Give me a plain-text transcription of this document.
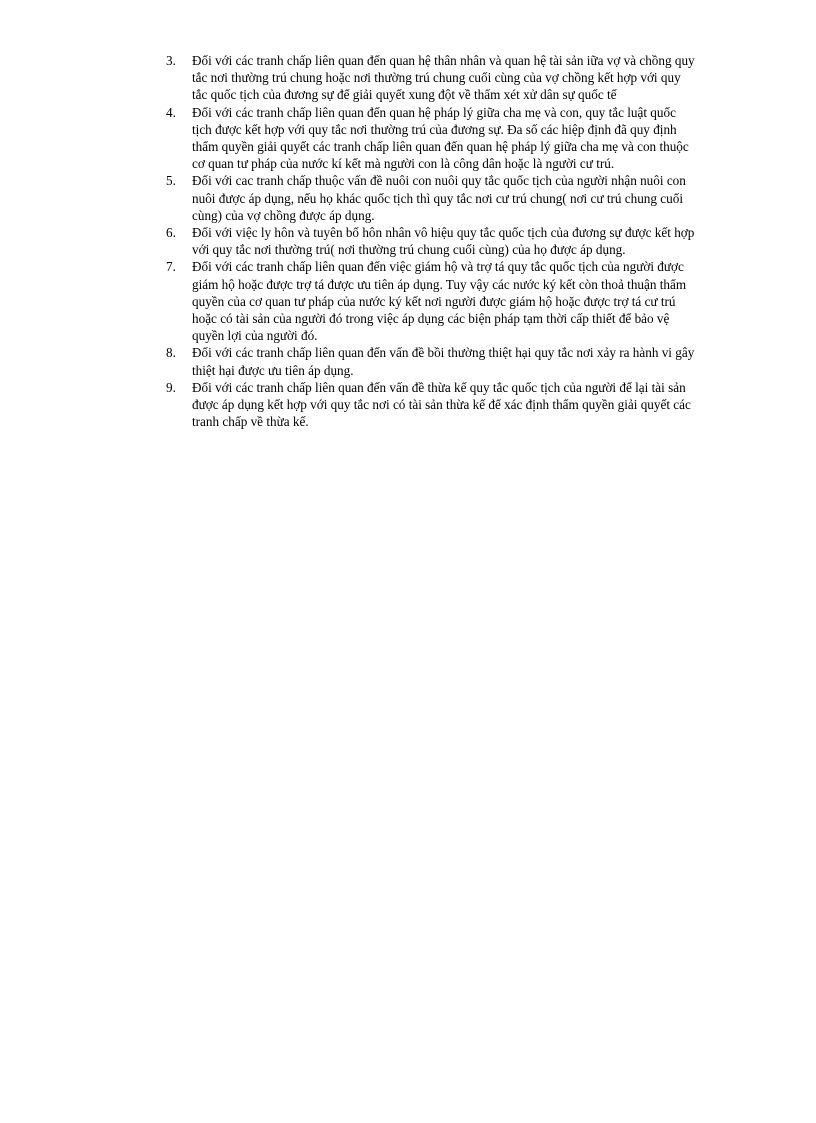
3.	Đối với các tranh chấp liên quan đến quan hệ thân nhân và quan hệ tài sản iữa vợ và chồng quy tắc nơi thường trú chung hoặc nơi thường trú chung cuối cùng của vợ chồng kết hợp với quy tắc quốc tịch của đương sự để giải quyết xung đột về thẩm xét xử dân sự quốc tế
4.	Đối với các tranh chấp liên quan đến quan hệ pháp lý giữa cha mẹ và con, quy tắc luật quốc tịch được kết hợp với quy tắc nơi thường trú của đương sự. Đa số các hiệp định đã quy định thẩm quyền giải quyết các tranh chấp liên quan đến quan hệ pháp lý giữa cha mẹ và con thuộc cơ quan tư pháp của nước kí kết mà người con là công dân hoặc là người cư trú.
5.	Đối với cac tranh chấp thuộc vấn đề nuôi con nuôi quy tắc quốc tịch của người nhận nuôi con nuôi được áp dụng, nếu họ khác quốc tịch thì quy tắc nơi cư trú chung( nơi cư trú chung cuối cùng) của vợ chồng được áp dụng.
6.	Đối với việc ly hôn và tuyên bố hôn nhân vô hiệu quy tắc quốc tịch của đương sự được kết hợp với quy tắc nơi thường trú( nơi thường trú chung cuối cùng) của họ được áp dụng.
7.	Đối với các tranh chấp liên quan đến việc giám hộ và trợ tá quy tắc quốc tịch của người được giám hộ hoặc được trợ tá được ưu tiên áp dụng. Tuy vậy các nước ký kết còn thoả thuận thẩm quyền của cơ quan tư pháp của nước ký kết nơi người được giám hộ hoặc được trợ tá cư trú hoặc có tài sản của người đó trong việc áp dụng các biện pháp tạm thời cấp thiết để bảo vệ quyền lợi của người đó.
8.	Đối với các tranh chấp liên quan đến vấn đề bồi thường thiệt hại quy tắc nơi xảy ra hành vi gây thiệt hại được ưu tiên áp dụng.
9.	Đối với các tranh chấp liên quan đến vấn đề thừa kế quy tắc quốc tịch của người để lại tài sản được áp dụng kết hợp với quy tắc nơi có tài sản thừa kế để xác định thẩm quyền giải quyết các tranh chấp về thừa kế.
